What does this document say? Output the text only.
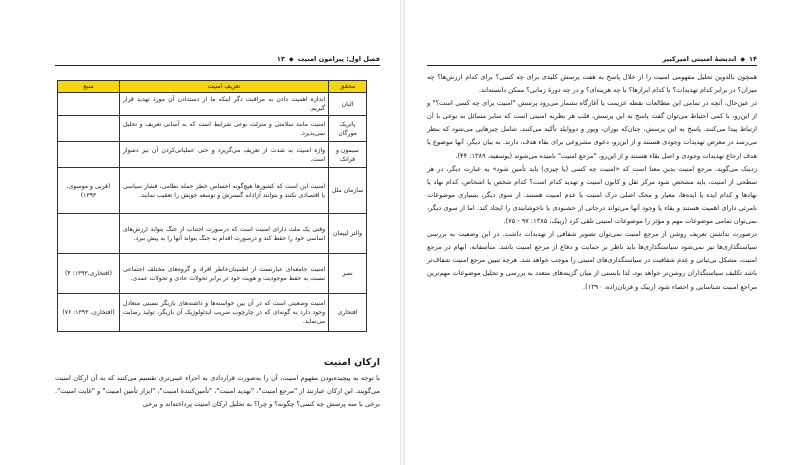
فصل اول: پیرامون امنیت
◆
۱۳
محقق	تعریف امنیت	منبع
البان	اندازه اهمیت دادن به مراقبت دگر اینکه ما از دستدادن آن مورد تهدید قرار گیریم.	
پاتریک مورگان	امنیت مانند سلامتی و منزلت نوعی شرایط است که به آسانی تعریف و تحلیل نمی‌پذیرد.	
سیمون و فرانک	واژه امنیت به شدت از تعریف می‌گریزد و حتی عملیاتی‌کردن آن نیز دشوار است.	
سازمان ملل	امنیت این است که کشورها هیچ‌گونه احساس خطر حمله نظامی، فشار سیاسی یا اقتصادی نکنند و بتوانند آزادانه گسترش و توسعه خویش را تعقیب نمایند.	(قربی و موسوی، ۱۳۹۳)
والتر لیپمان	وقتی یک ملت دارای امنیت است که درصورت اجتناب از جنگ بتواند ارزش‌های اساسی خود را حفظ کند و درصورت اقدام به جنگ بتواند آنها را به پیش ببرد.	
نصر	امنیت جامعه‌ای عبارتست از اطمینان‌خاطر افراد و گروه‌های مختلف اجتماعی نسبت به حفظ موجودیت و هویت خود در برابر تحولات عادی و تحولات عمدی.	(افتخاری،۱۳۹۳: ۴)
افتخاری	امنیت وضعیتی است که در آن بین خواسته‌ها و داشته‌های بازیگر نسبتی متعادل وجود دارد به گونه‌ای که در چارچوب ضریب ایدئولوژیک آن بازیگر، تولید رضایت می‌نماید.	(افتخاری، ۱۳۹۳: ۷۶)
ارکان امنیت

با توجه به پیچیده‌بودن مفهوم امنیت، آن را به‌صورت قراردادی به اجزاء عینی‌تری تقسیم می‌کنند که به آن ارکان امنیت می‌گویند. این ارکان عبارتند از "مرجع امنیت"، "تهدید امنیت"، "تأمین‌کنندهٔ امنیت"، "ابزار تأمین امنیت" و "غایت امنیت". برخی با سه پرسش چه کسی؟ چگونه؟ و چرا؟ به تحلیل ارکان امنیت پرداخته‌اند و برخی

۱۴
◆
اندیشهٔ امنیتی امیرکبیر

همچون بالدوین تحلیل مفهومی امنیت را از خلال پاسخ به هفت پرسش کلیدی برای چه کسی؟ برای کدام ارزش‌ها؟ چه میزان؟ در برابر کدام تهدیدات؟ با کدام ابزارها؟ با چه هزینه‌ای؟ و در چه دورهٔ زمانی؟ ممکن دانسته‌اند.

در عین‌حال، آنچه در تمامی این مطالعات نقطه عزیمت یا آغازگاه بشمار می‌رود پرسش "امنیت برای چه کسی است؟" و از این‌رو، با کمی احتیاط می‌توان گفت پاسخ به این پرسش، قلب هر نظریه امنیتی است که سایر مسائل به نوعی با آن ارتباط پیدا می‌کنند. پاسخ به این پرسش، چنان‌که بوزان، ویور و دووایلد تأکید می‌کنند، شامل چیزهایی می‌شود که بنظر می‌رسد در معرض تهدیدات وجودی هستند و از این‌رو، دعوی مشروعی برای بقاء هدف، دارند. به بیان دیگر، آنها موضوع یا هدف ارجاع تهدیدات وجودی و اصل بقاء هستند و از این‌رو، "مرجع امنیت" نامیده می‌شوند (یوسفیه، ۱۳۸۹: ۴۴).

زدینک می‌گوید، مرجع امنیت بدین معنا است که «امنیت چه کسی (یا چیزی) باید تأمین شود» به عبارت دیگر، در هر سطحی از امنیت، باید مشخص شود مرکز ثقل و کانون امنیت و تهدید کدام است؟ کدام شخص یا اشخاص، کدام نهاد یا نهادها و کدام ایده یا ایده‌ها، معیار و محک اصلی درک امنیت یا عدم امنیت هستند. از سوی دیگر، بسیاری موضوعات نامرئی دارای اهمیت هستند و بقاء یا وجود آنها می‌تواند درجاتی از خشنودی یا ناخوشایندی را ایجاد کند. اما از سوی دیگر، نمی‌توان تمامی موضوعات مهم و مؤثر را موضوعات امنیتی تلقی کرد (ربیک، ۱۳۸۵: ۹۷ - ۷۵).

درصورت نداشتن تعریف روشن از مرجع امنیت نمی‌توان تصویر شفافی از تهدیدات داشت. در این وضعیت به بررسی سیاستگذاری‌ها نیز نمی‌شود سیاستگذاری‌ها باید ناظر بر حمایت و دفاع از مرجع امنیت باشد. متأسفانه، ابهام در مرجع امنیت، مشکل بی‌ثباتی و عدم شفافیت در سیاستگذاری‌های امنیتی را موجب خواهد شد. هرچه تبیین مرجع امنیت شفاف‌تر باشد تکلیف سیاستگذاران روشن‌تر خواهد بود، لذا بایستی از میان گزینه‌های متعدد به بررسی و تحلیل موضوعات مهم‌ترین مراجع امنیت شناسایی و احصاء شود (ربیک و قربان‌زاده، ۱۳۹۰).
